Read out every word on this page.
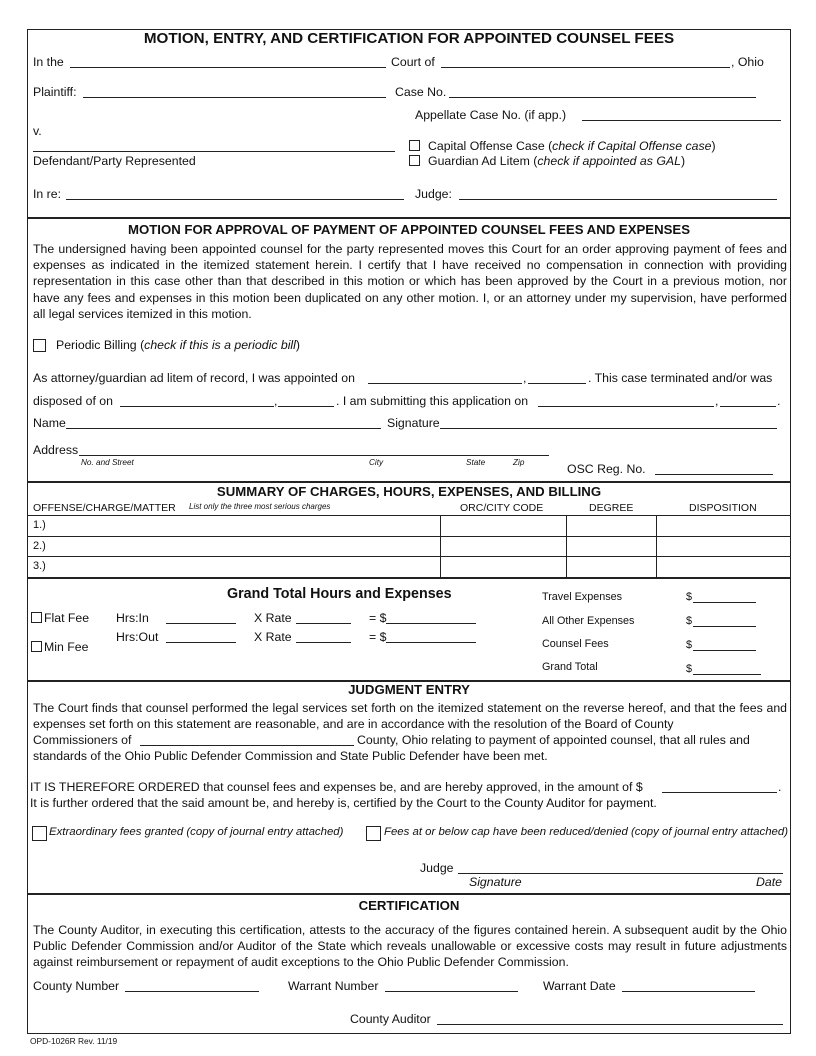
MOTION, ENTRY, AND CERTIFICATION FOR APPOINTED COUNSEL FEES
In the	Court of	, Ohio
Plaintiff:	Case No.
Appellate Case No. (if app.)
v.
Capital Offense Case (check if Capital Offense case)
Defendant/Party Represented	Guardian Ad Litem (check if appointed as GAL)
In re:	Judge:
MOTION FOR APPROVAL OF PAYMENT OF APPOINTED COUNSEL FEES AND EXPENSES
The undersigned having been appointed counsel for the party represented moves this Court for an order approving payment of fees and expenses as indicated in the itemized statement herein. I certify that I have received no compensation in connection with providing representation in this case other than that described in this motion or which has been approved by the Court in a previous motion, nor have any fees and expenses in this motion been duplicated on any other motion. I, or an attorney under my supervision, have performed all legal services itemized in this motion.
Periodic Billing (check if this is a periodic bill)
As attorney/guardian ad litem of record, I was appointed on	,	. This case terminated and/or was
disposed of on	,	. I am submitting this application on	,	.
Name	Signature
Address
No. and Street	City	State	Zip	OSC Reg. No.
SUMMARY OF CHARGES, HOURS, EXPENSES, AND BILLING
OFFENSE/CHARGE/MATTER List only the three most serious charges	ORC/CITY CODE	DEGREE	DISPOSITION
1.)
2.)
3.)
Grand Total Hours and Expenses
Flat Fee Hrs:In	X Rate	= $
Hrs:Out	X Rate	= $
Min Fee
Travel Expenses	$
All Other Expenses	$
Counsel Fees	$
Grand Total	$
JUDGMENT ENTRY
The Court finds that counsel performed the legal services set forth on the itemized statement on the reverse hereof, and that the fees and expenses set forth on this statement are reasonable, and are in accordance with the resolution of the Board of County
Commissioners of	County, Ohio relating to payment of appointed counsel, that all rules and
standards of the Ohio Public Defender Commission and State Public Defender have been met.
IT IS THEREFORE ORDERED that counsel fees and expenses be, and are hereby approved, in the amount of $	.
It is further ordered that the said amount be, and hereby is, certified by the Court to the County Auditor for payment.
Extraordinary fees granted (copy of journal entry attached)	Fees at or below cap have been reduced/denied (copy of journal entry attached)
Judge
Signature	Date
CERTIFICATION
The County Auditor, in executing this certification, attests to the accuracy of the figures contained herein. A subsequent audit by the Ohio Public Defender Commission and/or Auditor of the State which reveals unallowable or excessive costs may result in future adjustments against reimbursement or repayment of audit exceptions to the Ohio Public Defender Commission.
County Number	Warrant Number	Warrant Date
County Auditor
OPD-1026R Rev. 11/19
